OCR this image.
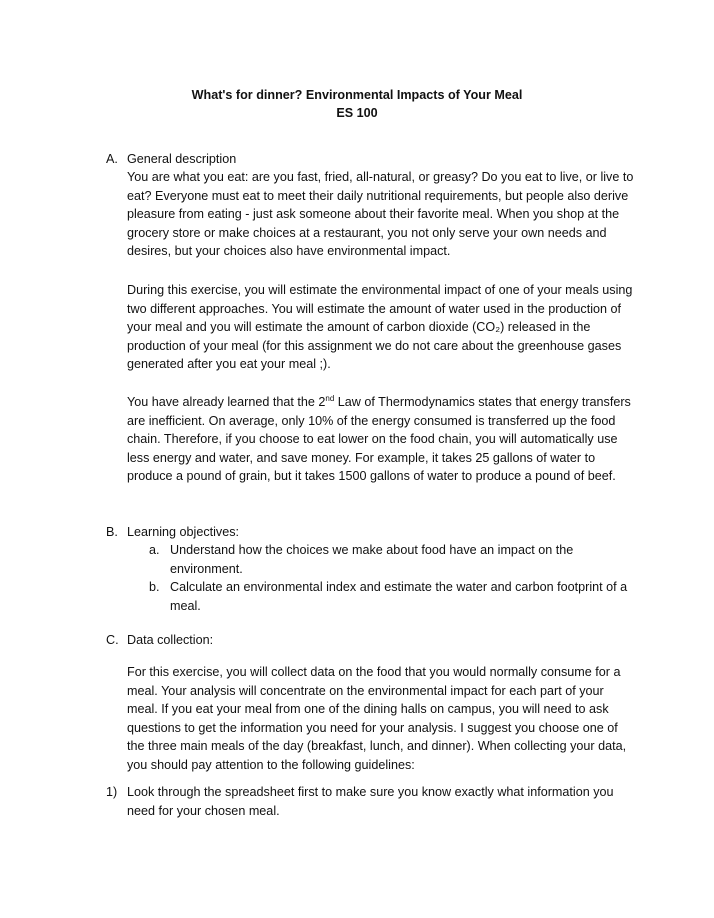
What's for dinner? Environmental Impacts of Your Meal
ES 100
A. General description

You are what you eat: are you fast, fried, all-natural, or greasy? Do you eat to live, or live to eat? Everyone must eat to meet their daily nutritional requirements, but people also derive pleasure from eating - just ask someone about their favorite meal. When you shop at the grocery store or make choices at a restaurant, you not only serve your own needs and desires, but your choices also have environmental impact.

During this exercise, you will estimate the environmental impact of one of your meals using two different approaches. You will estimate the amount of water used in the production of your meal and you will estimate the amount of carbon dioxide (CO₂) released in the production of your meal (for this assignment we do not care about the greenhouse gases generated after you eat your meal ;).

You have already learned that the 2nd Law of Thermodynamics states that energy transfers are inefficient. On average, only 10% of the energy consumed is transferred up the food chain. Therefore, if you choose to eat lower on the food chain, you will automatically use less energy and water, and save money. For example, it takes 25 gallons of water to produce a pound of grain, but it takes 1500 gallons of water to produce a pound of beef.

B. Learning objectives:
a. Understand how the choices we make about food have an impact on the environment.
b. Calculate an environmental index and estimate the water and carbon footprint of a meal.
C. Data collection:

For this exercise, you will collect data on the food that you would normally consume for a meal. Your analysis will concentrate on the environmental impact for each part of your meal. If you eat your meal from one of the dining halls on campus, you will need to ask questions to get the information you need for your analysis. I suggest you choose one of the three main meals of the day (breakfast, lunch, and dinner). When collecting your data, you should pay attention to the following guidelines:

1) Look through the spreadsheet first to make sure you know exactly what information you need for your chosen meal.
